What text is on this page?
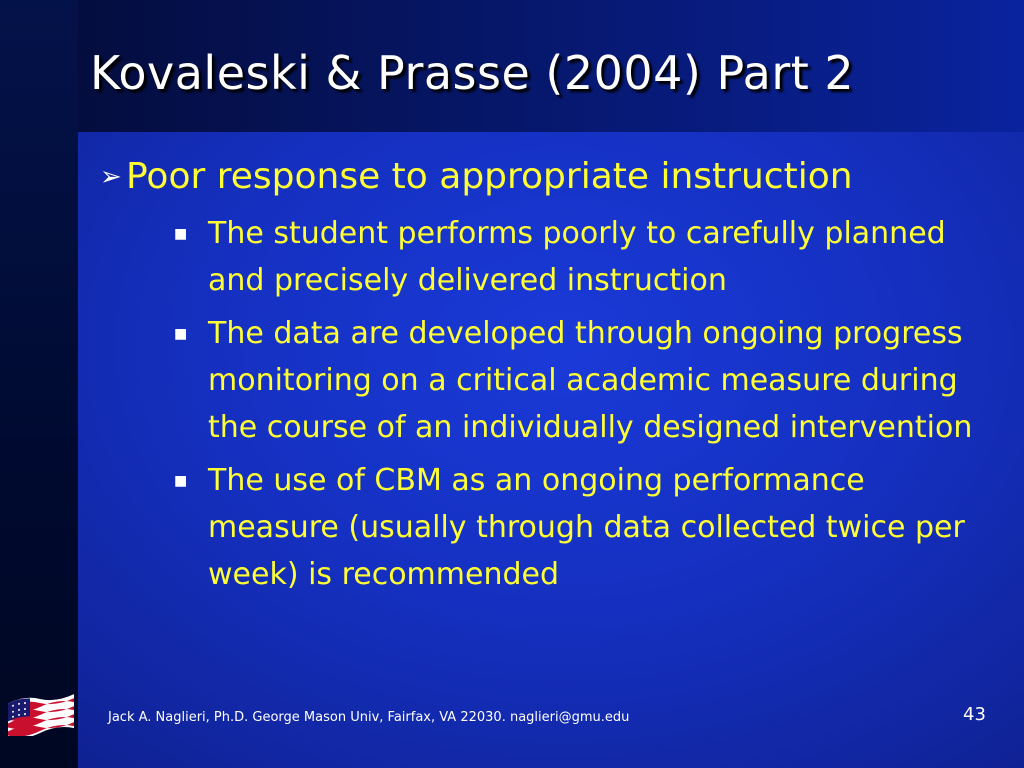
Kovaleski & Prasse (2004) Part 2
➢ Poor response to appropriate instruction
■ The student performs poorly to carefully planned and precisely delivered instruction
■ The data are developed through ongoing progress monitoring on a critical academic measure during the course of an individually designed intervention
■ The use of CBM as an ongoing performance measure (usually through data collected twice per week) is recommended
Jack A. Naglieri, Ph.D. George Mason Univ, Fairfax, VA 22030. naglieri@gmu.edu	43
